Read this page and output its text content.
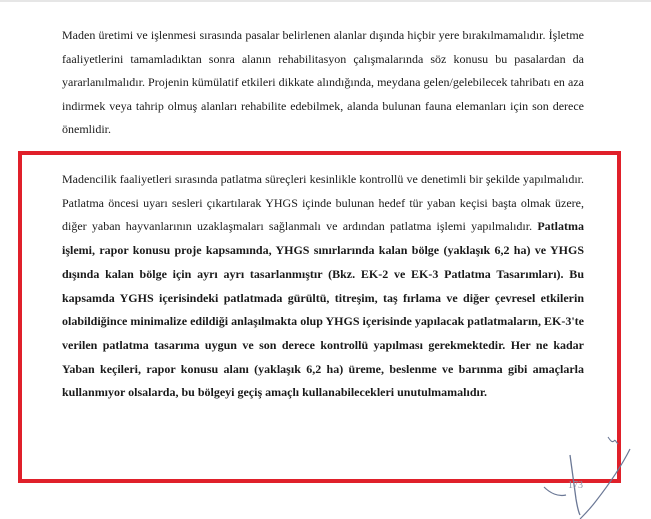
Maden üretimi ve işlenmesi sırasında pasalar belirlenen alanlar dışında hiçbir yere bırakılmamalıdır. İşletme faaliyetlerini tamamladıktan sonra alanın rehabilitasyon çalışmalarında söz konusu bu pasalardan da yararlanılmalıdır. Projenin kümülatif etkileri dikkate alındığında, meydana gelen/gelebilecek tahribatı en aza indirmek veya tahrip olmuş alanları rehabilite edebilmek, alanda bulunan fauna elemanları için son derece önemlidir.

Madencilik faaliyetleri sırasında patlatma süreçleri kesinlikle kontrollü ve denetimli bir şekilde yapılmalıdır. Patlatma öncesi uyarı sesleri çıkartılarak YHGS içinde bulunan hedef tür yaban keçisi başta olmak üzere, diğer yaban hayvanlarının uzaklaşmaları sağlanmalı ve ardından patlatma işlemi yapılmalıdır. Patlatma işlemi, rapor konusu proje kapsamında, YHGS sınırlarında kalan bölge (yaklaşık 6,2 ha) ve YHGS dışında kalan bölge için ayrı ayrı tasarlanmıştır (Bkz. EK-2 ve EK-3 Patlatma Tasarımları). Bu kapsamda YGHS içerisindeki patlatmada gürültü, titreşim, taş fırlama ve diğer çevresel etkilerin olabildiğince minimalize edildiği anlaşılmakta olup YHGS içerisinde yapılacak patlatmaların, EK-3'te verilen patlatma tasarıma uygun ve son derece kontrollü yapılması gerekmektedir. Her ne kadar Yaban keçileri, rapor konusu alanı (yaklaşık 6,2 ha) üreme, beslenme ve barınma gibi amaçlarla kullanmıyor olsalarda, bu bölgeyi geçiş amaçlı kullanabilecekleri unutulmamalıdır.

173
